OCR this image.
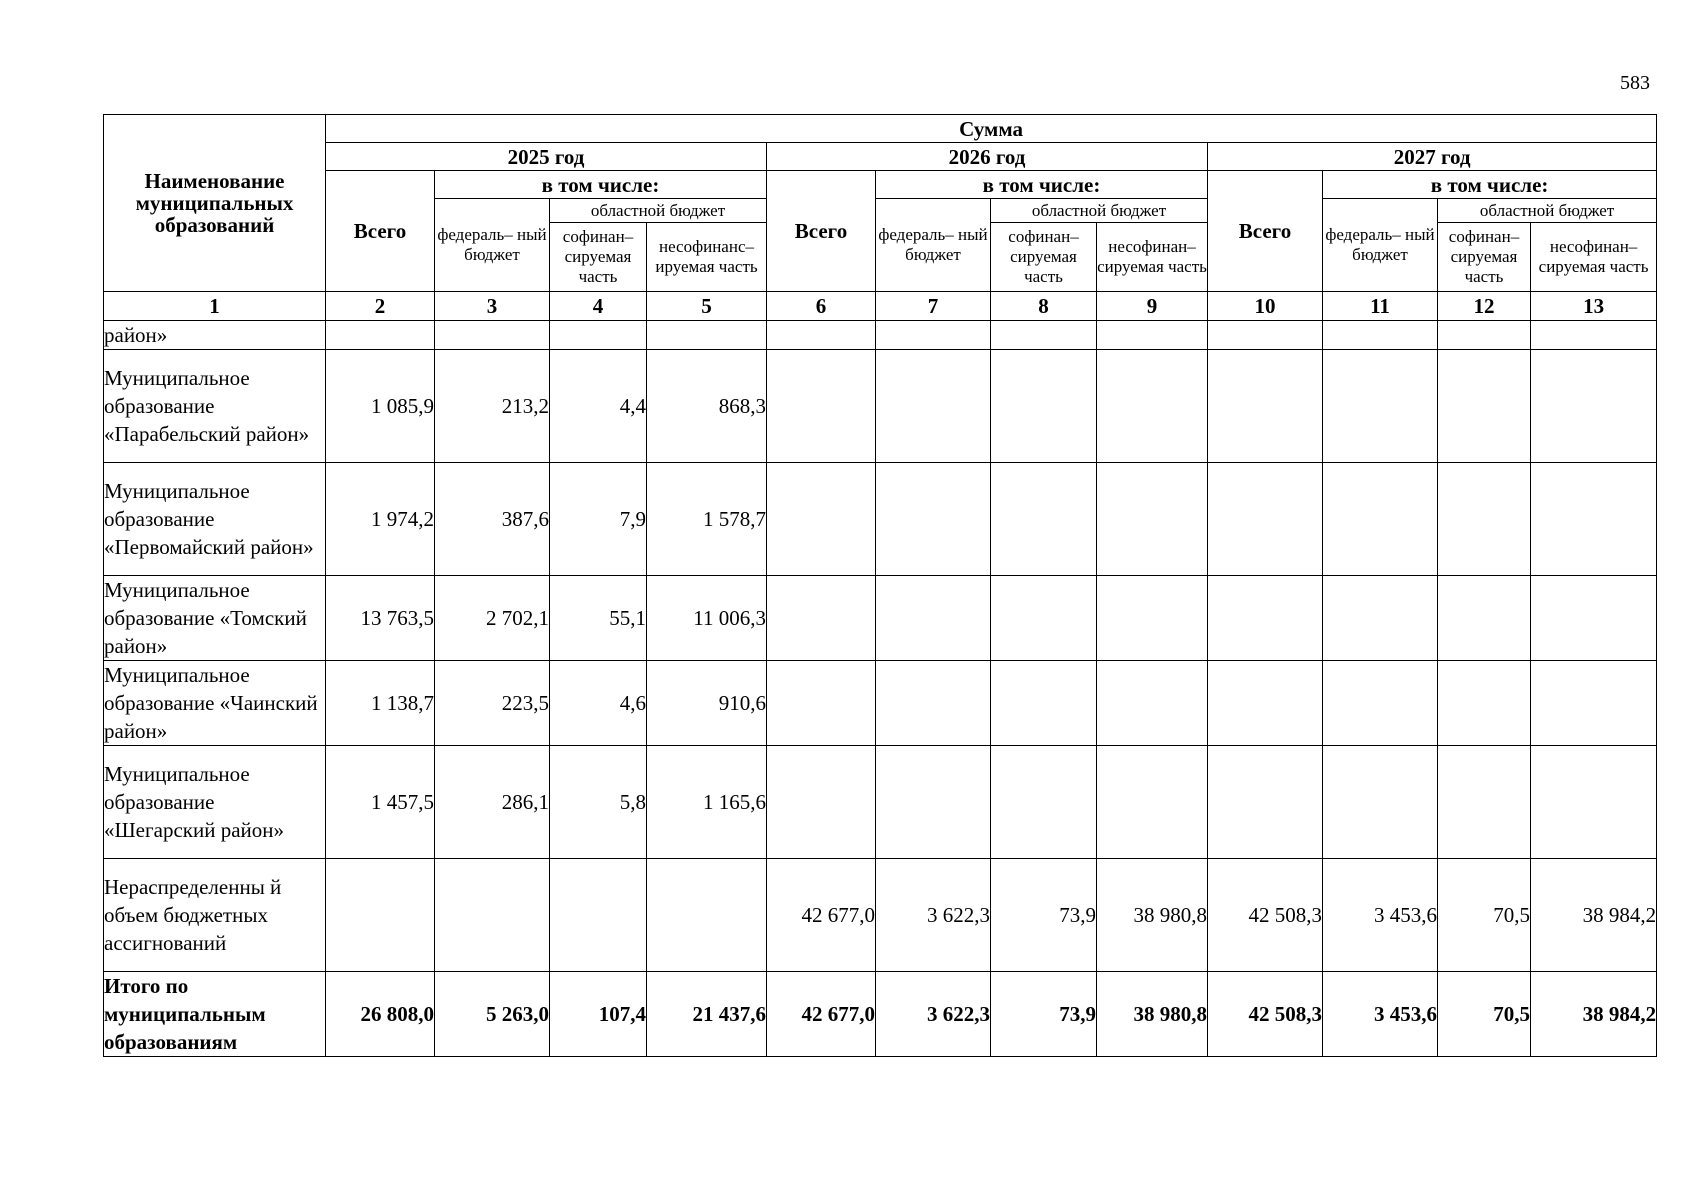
583
Наименование муниципальных образований	Сумма											
	2025 год				2026 год				2027 год			
	Всего	в том числе:			Всего	в том числе:			Всего	в том числе:		
		федераль– ный бюджет	областной бюджет			федераль– ный бюджет	областной бюджет			федераль– ный бюджет	областной бюджет	
			софинан– сируемая часть	несофинанс– ируемая часть			софинан– сируемая часть	несофинан– сируемая часть			софинан– сируемая часть	несофинан– сируемая часть
1	2	3	4	5	6	7	8	9	10	11	12	13
район»												
Муниципальное образование «Парабельский район»	1 085,9	213,2	4,4	868,3								
Муниципальное образование «Первомайский район»	1 974,2	387,6	7,9	1 578,7								
Муниципальное образование «Томский район»	13 763,5	2 702,1	55,1	11 006,3								
Муниципальное образование «Чаинский район»	1 138,7	223,5	4,6	910,6								
Муниципальное образование «Шегарский район»	1 457,5	286,1	5,8	1 165,6								
Нераспределенны й объем бюджетных ассигнований					42 677,0	3 622,3	73,9	38 980,8	42 508,3	3 453,6	70,5	38 984,2
Итого по муниципальным образованиям	26 808,0	5 263,0	107,4	21 437,6	42 677,0	3 622,3	73,9	38 980,8	42 508,3	3 453,6	70,5	38 984,2
